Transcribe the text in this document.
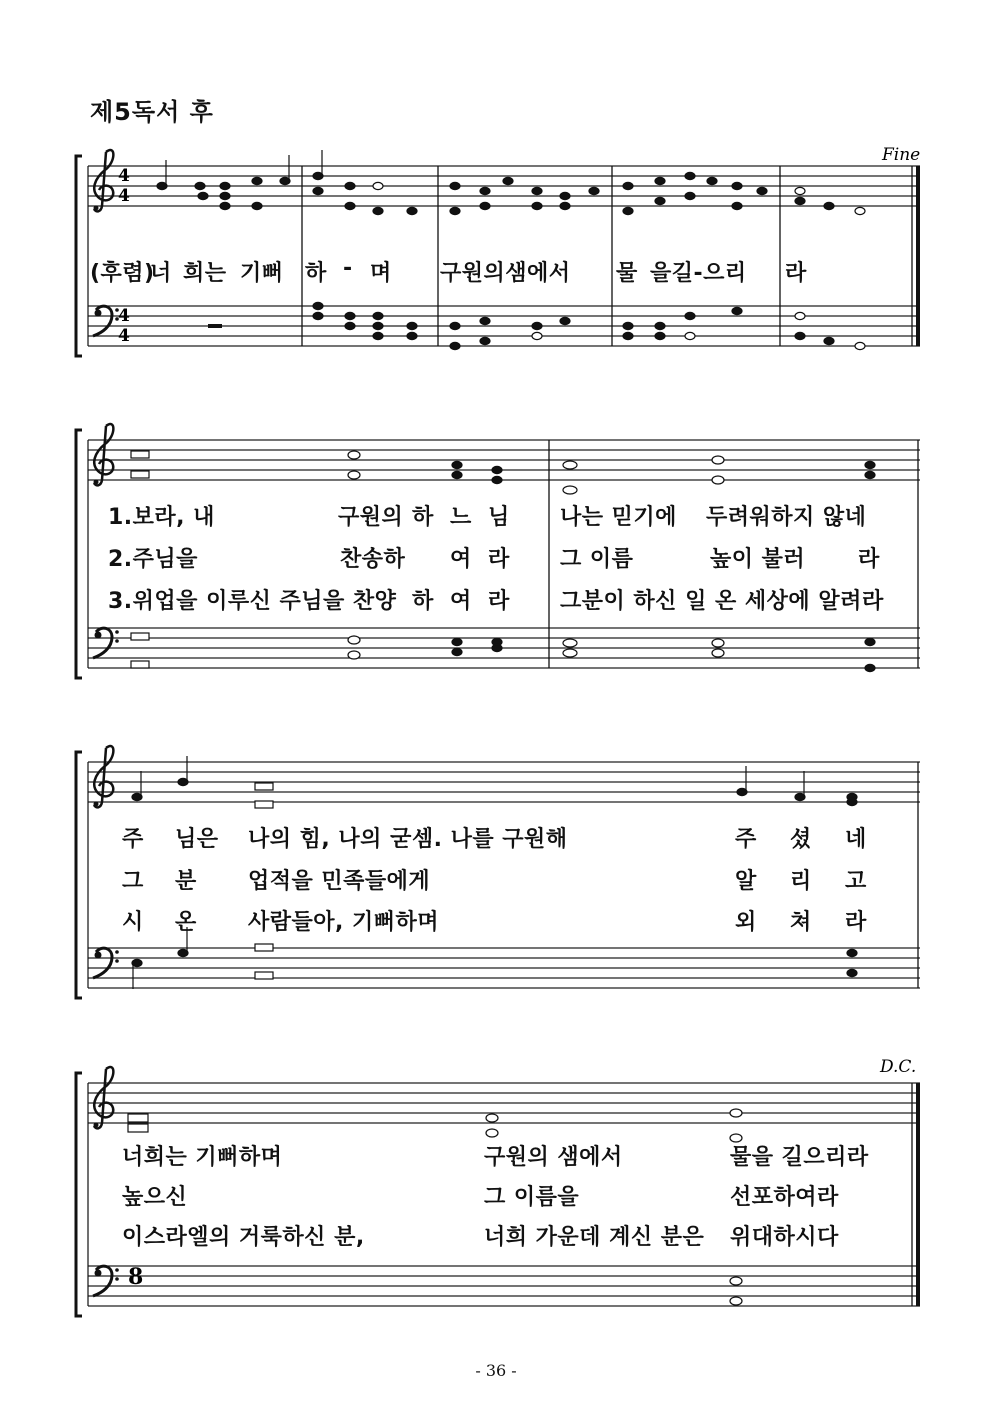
제5독서 후
4
4
4
4
Fine
8
D.C.
(후렴)
너 희는 기뻐 하 - 며 구원의샘에서 물 을길-으리 라
1.보라, 내	구원의 하 느 님 나는 믿기에 두려워하지 않네
2.주님을	찬송하 여 라 그 이름	높이 불러 라
3.위업을 이루신 주님을 찬양 하 여 라 그분이 하신 일 온 세상에 알려 라
주 님은 나의 힘, 나의 굳셈. 나를 구원해	주 셨 네
그 분 업적을 민족들에게	알 리 고
시 온 사람들아, 기뻐하며	외 쳐 라
너희는 기뻐하며	구원의 샘에서	물을 길으리라
높으신	그 이름을	선포하여라
이스라엘의 거룩하신 분,	너희 가운데 계신 분은 위대하시다
- 36 -
